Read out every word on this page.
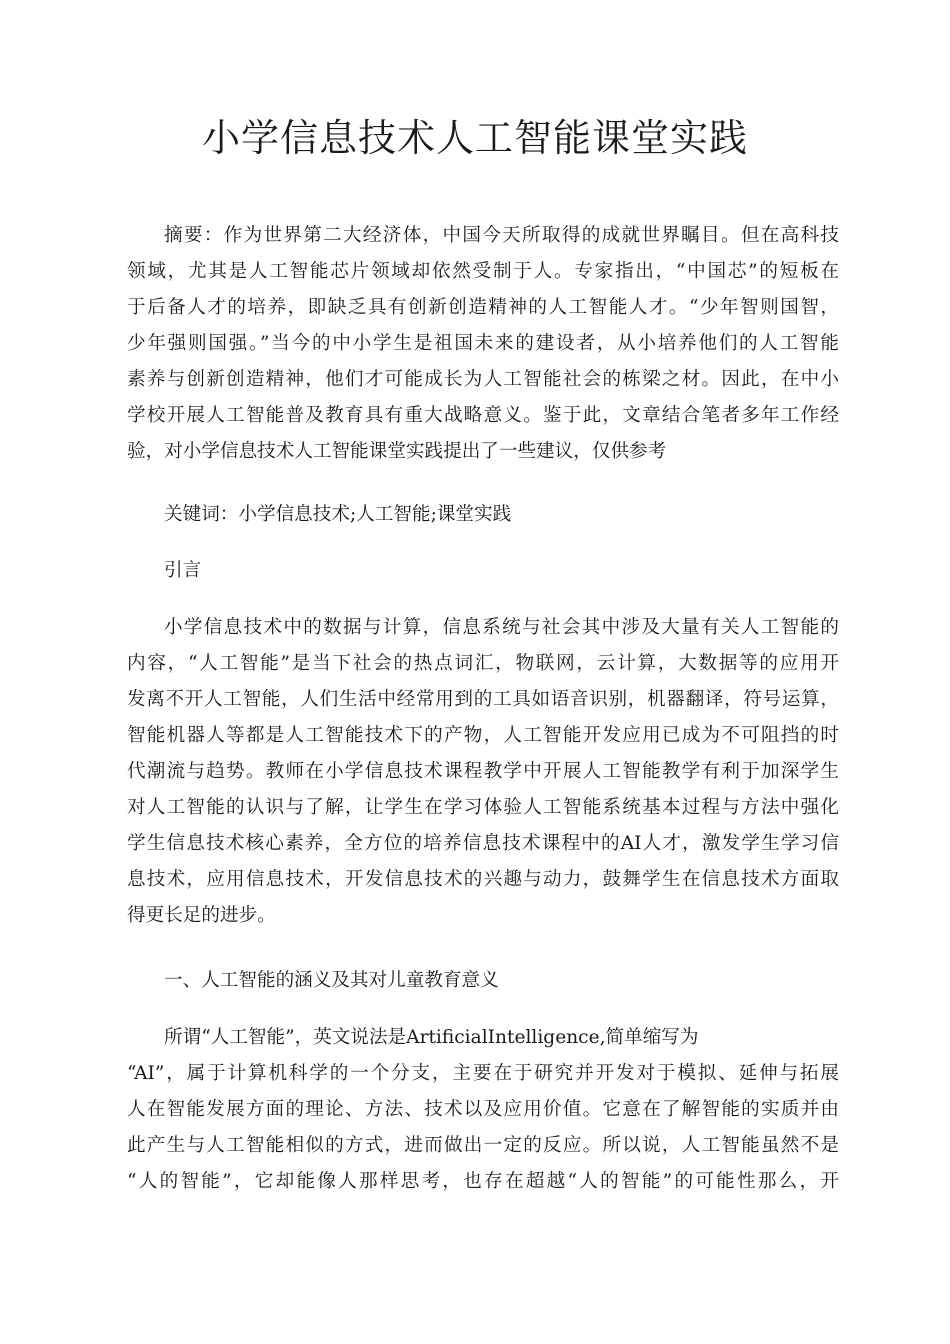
小学信息技术人工智能课堂实践
摘要：作为世界第二大经济体，中国今天所取得的成就世界瞩目。但在高科技
领域，尤其是人工智能芯片领域却依然受制于人。专家指出，“中国芯”的短板在
于后备人才的培养，即缺乏具有创新创造精神的人工智能人才。“少年智则国智，
少年强则国强。”当今的中小学生是祖国未来的建设者，从小培养他们的人工智能
素养与创新创造精神，他们才可能成长为人工智能社会的栋梁之材。因此，在中小
学校开展人工智能普及教育具有重大战略意义。鉴于此，文章结合笔者多年工作经
验，对小学信息技术人工智能课堂实践提出了一些建议，仅供参考

关键词：小学信息技术;人工智能;课堂实践

引言

小学信息技术中的数据与计算，信息系统与社会其中涉及大量有关人工智能的
内容，“人工智能”是当下社会的热点词汇，物联网，云计算，大数据等的应用开
发离不开人工智能，人们生活中经常用到的工具如语音识别，机器翻译，符号运算，
智能机器人等都是人工智能技术下的产物，人工智能开发应用已成为不可阻挡的时
代潮流与趋势。教师在小学信息技术课程教学中开展人工智能教学有利于加深学生
对人工智能的认识与了解，让学生在学习体验人工智能系统基本过程与方法中强化
学生信息技术核心素养，全方位的培养信息技术课程中的AI人才，激发学生学习信
息技术，应用信息技术，开发信息技术的兴趣与动力，鼓舞学生在信息技术方面取
得更长足的进步。

一、人工智能的涵义及其对儿童教育意义

所谓“人工智能”，英文说法是ArtificialIntelligence,简单缩写为
“AI”，属于计算机科学的一个分支，主要在于研究并开发对于模拟、延伸与拓展
人在智能发展方面的理论、方法、技术以及应用价值。它意在了解智能的实质并由
此产生与人工智能相似的方式，进而做出一定的反应。所以说，人工智能虽然不是
“人的智能”，它却能像人那样思考，也存在超越“人的智能”的可能性那么，开
